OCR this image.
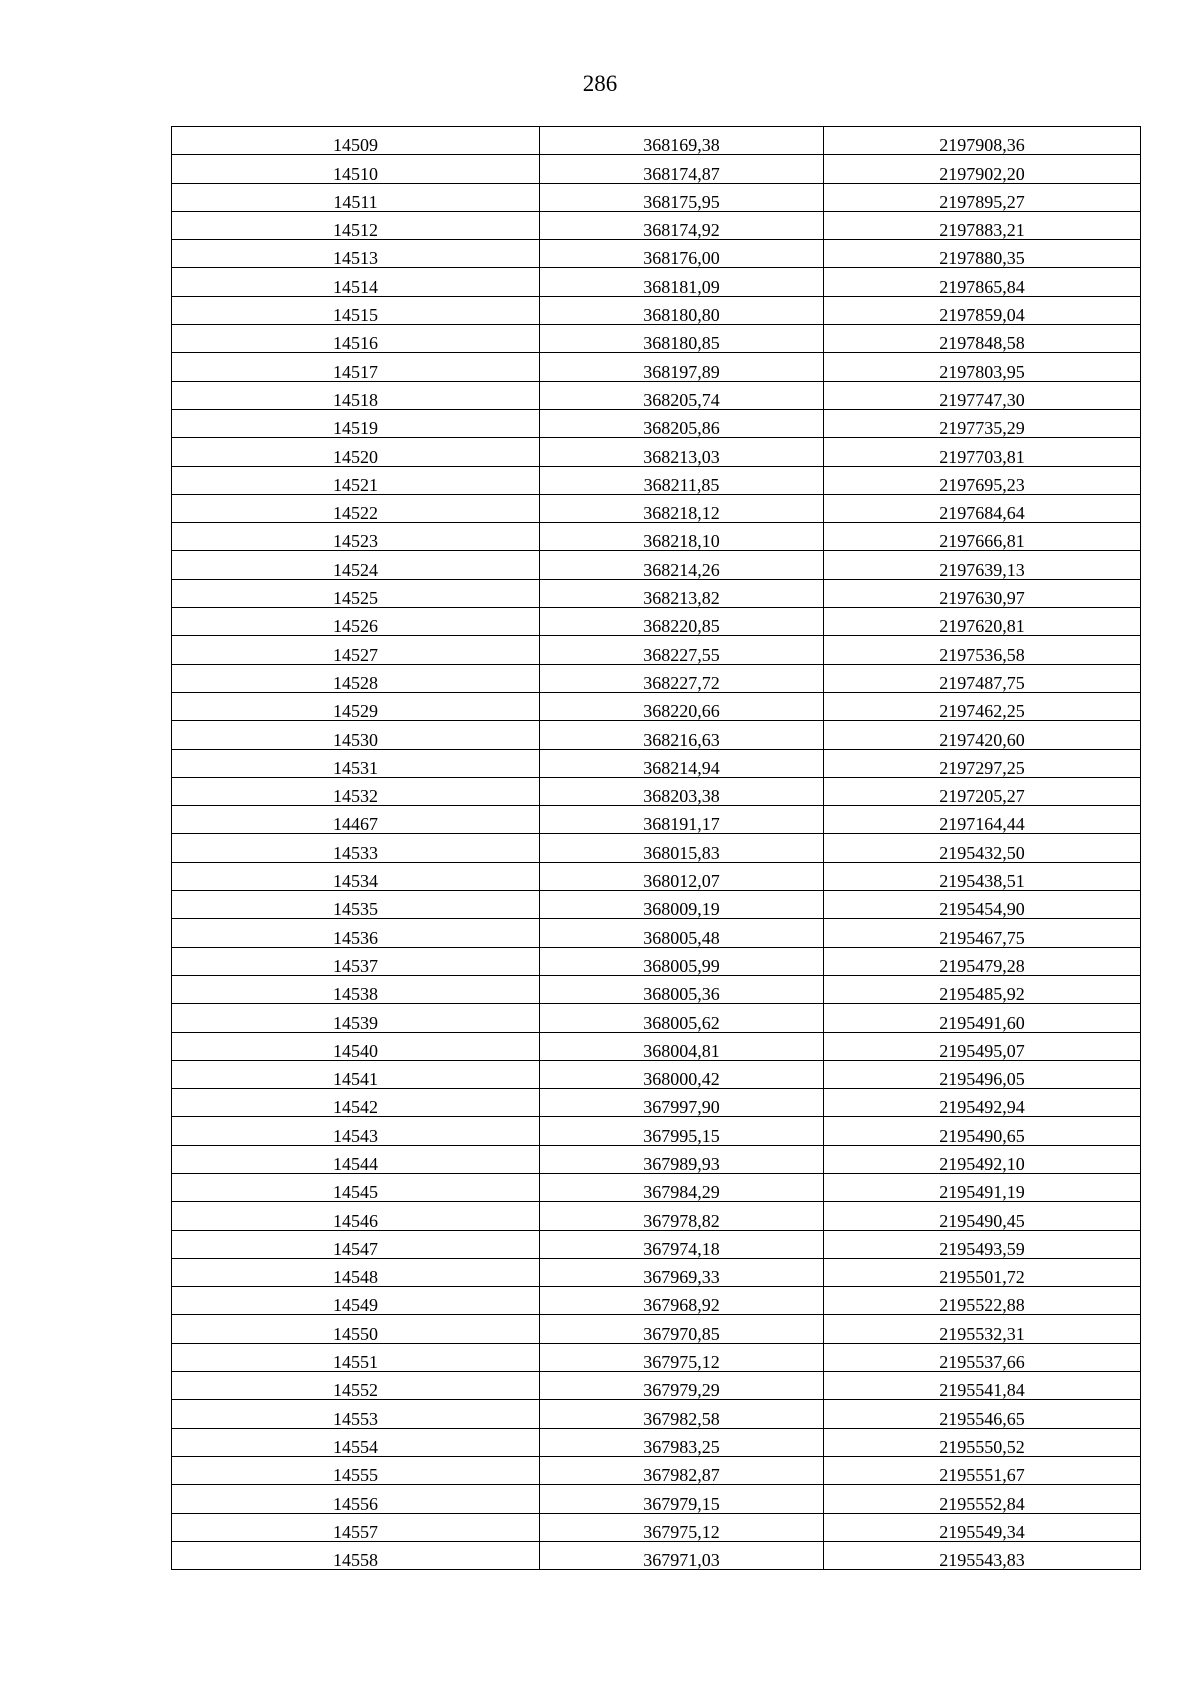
286
14509	368169,38	2197908,36
14510	368174,87	2197902,20
14511	368175,95	2197895,27
14512	368174,92	2197883,21
14513	368176,00	2197880,35
14514	368181,09	2197865,84
14515	368180,80	2197859,04
14516	368180,85	2197848,58
14517	368197,89	2197803,95
14518	368205,74	2197747,30
14519	368205,86	2197735,29
14520	368213,03	2197703,81
14521	368211,85	2197695,23
14522	368218,12	2197684,64
14523	368218,10	2197666,81
14524	368214,26	2197639,13
14525	368213,82	2197630,97
14526	368220,85	2197620,81
14527	368227,55	2197536,58
14528	368227,72	2197487,75
14529	368220,66	2197462,25
14530	368216,63	2197420,60
14531	368214,94	2197297,25
14532	368203,38	2197205,27
14467	368191,17	2197164,44
14533	368015,83	2195432,50
14534	368012,07	2195438,51
14535	368009,19	2195454,90
14536	368005,48	2195467,75
14537	368005,99	2195479,28
14538	368005,36	2195485,92
14539	368005,62	2195491,60
14540	368004,81	2195495,07
14541	368000,42	2195496,05
14542	367997,90	2195492,94
14543	367995,15	2195490,65
14544	367989,93	2195492,10
14545	367984,29	2195491,19
14546	367978,82	2195490,45
14547	367974,18	2195493,59
14548	367969,33	2195501,72
14549	367968,92	2195522,88
14550	367970,85	2195532,31
14551	367975,12	2195537,66
14552	367979,29	2195541,84
14553	367982,58	2195546,65
14554	367983,25	2195550,52
14555	367982,87	2195551,67
14556	367979,15	2195552,84
14557	367975,12	2195549,34
14558	367971,03	2195543,83
